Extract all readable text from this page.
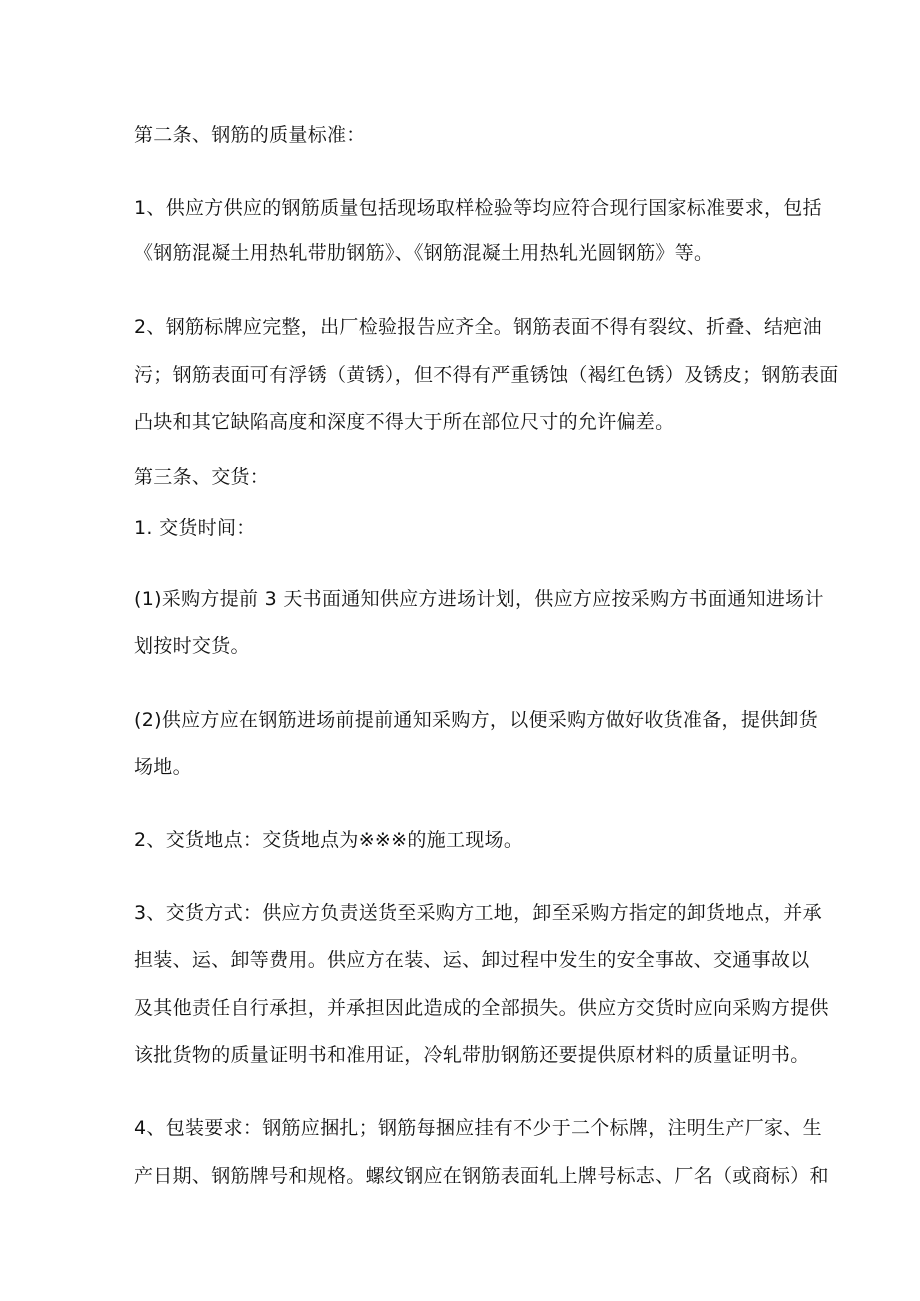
第二条、钢筋的质量标准：

1、供应方供应的钢筋质量包括现场取样检验等均应符合现行国家标准要求，包括

《钢筋混凝土用热轧带肋钢筋》、《钢筋混凝土用热轧光圆钢筋》等。

2、钢筋标牌应完整，出厂检验报告应齐全。钢筋表面不得有裂纹、折叠、结疤油

污；钢筋表面可有浮锈（黄锈），但不得有严重锈蚀（褐红色锈）及锈皮；钢筋表面

凸块和其它缺陷高度和深度不得大于所在部位尺寸的允许偏差。

第三条、交货：

1. 交货时间：

(1)采购方提前 3 天书面通知供应方进场计划，供应方应按采购方书面通知进场计

划按时交货。

(2)供应方应在钢筋进场前提前通知采购方，以便采购方做好收货准备，提供卸货

场地。

2、交货地点：交货地点为※※※的施工现场。

3、交货方式：供应方负责送货至采购方工地，卸至采购方指定的卸货地点，并承

担装、运、卸等费用。供应方在装、运、卸过程中发生的安全事故、交通事故以

及其他责任自行承担，并承担因此造成的全部损失。供应方交货时应向采购方提供

该批货物的质量证明书和准用证，冷轧带肋钢筋还要提供原材料的质量证明书。

4、包装要求：钢筋应捆扎；钢筋每捆应挂有不少于二个标牌，注明生产厂家、生

产日期、钢筋牌号和规格。螺纹钢应在钢筋表面轧上牌号标志、厂名（或商标）和
